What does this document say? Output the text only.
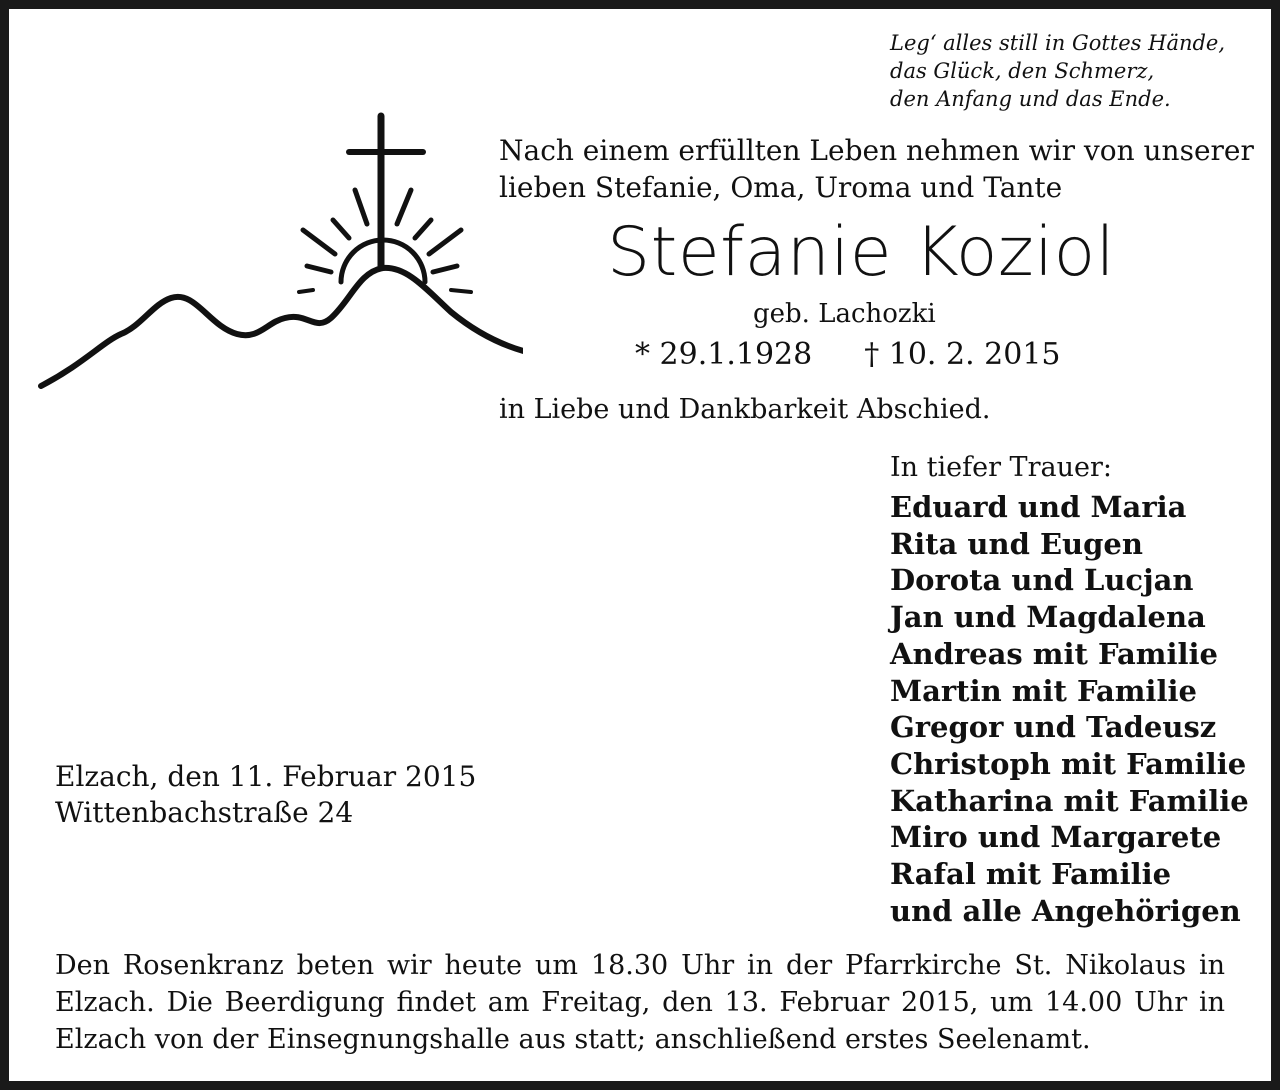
Leg‘ alles still in Gottes Hände,
das Glück, den Schmerz,
den Anfang und das Ende.
Nach einem erfüllten Leben nehmen wir von unserer
lieben Stefanie, Oma, Uroma und Tante
Stefanie Koziol
geb. Lachozki
* 29.1.1928 † 10. 2. 2015
in Liebe und Dankbarkeit Abschied.
In tiefer Trauer:
Eduard und Maria
Rita und Eugen
Dorota und Lucjan
Jan und Magdalena
Andreas mit Familie
Martin mit Familie
Gregor und Tadeusz
Christoph mit Familie
Katharina mit Familie
Miro und Margarete
Rafal mit Familie
und alle Angehörigen
Elzach, den 11. Februar 2015
Wittenbachstraße 24
Den Rosenkranz beten wir heute um 18.30 Uhr in der Pfarrkirche St. Nikolaus in Elzach. Die Beerdigung findet am Freitag, den 13. Februar 2015, um 14.00 Uhr in Elzach von der Einsegnungshalle aus statt; anschließend erstes Seelenamt.
